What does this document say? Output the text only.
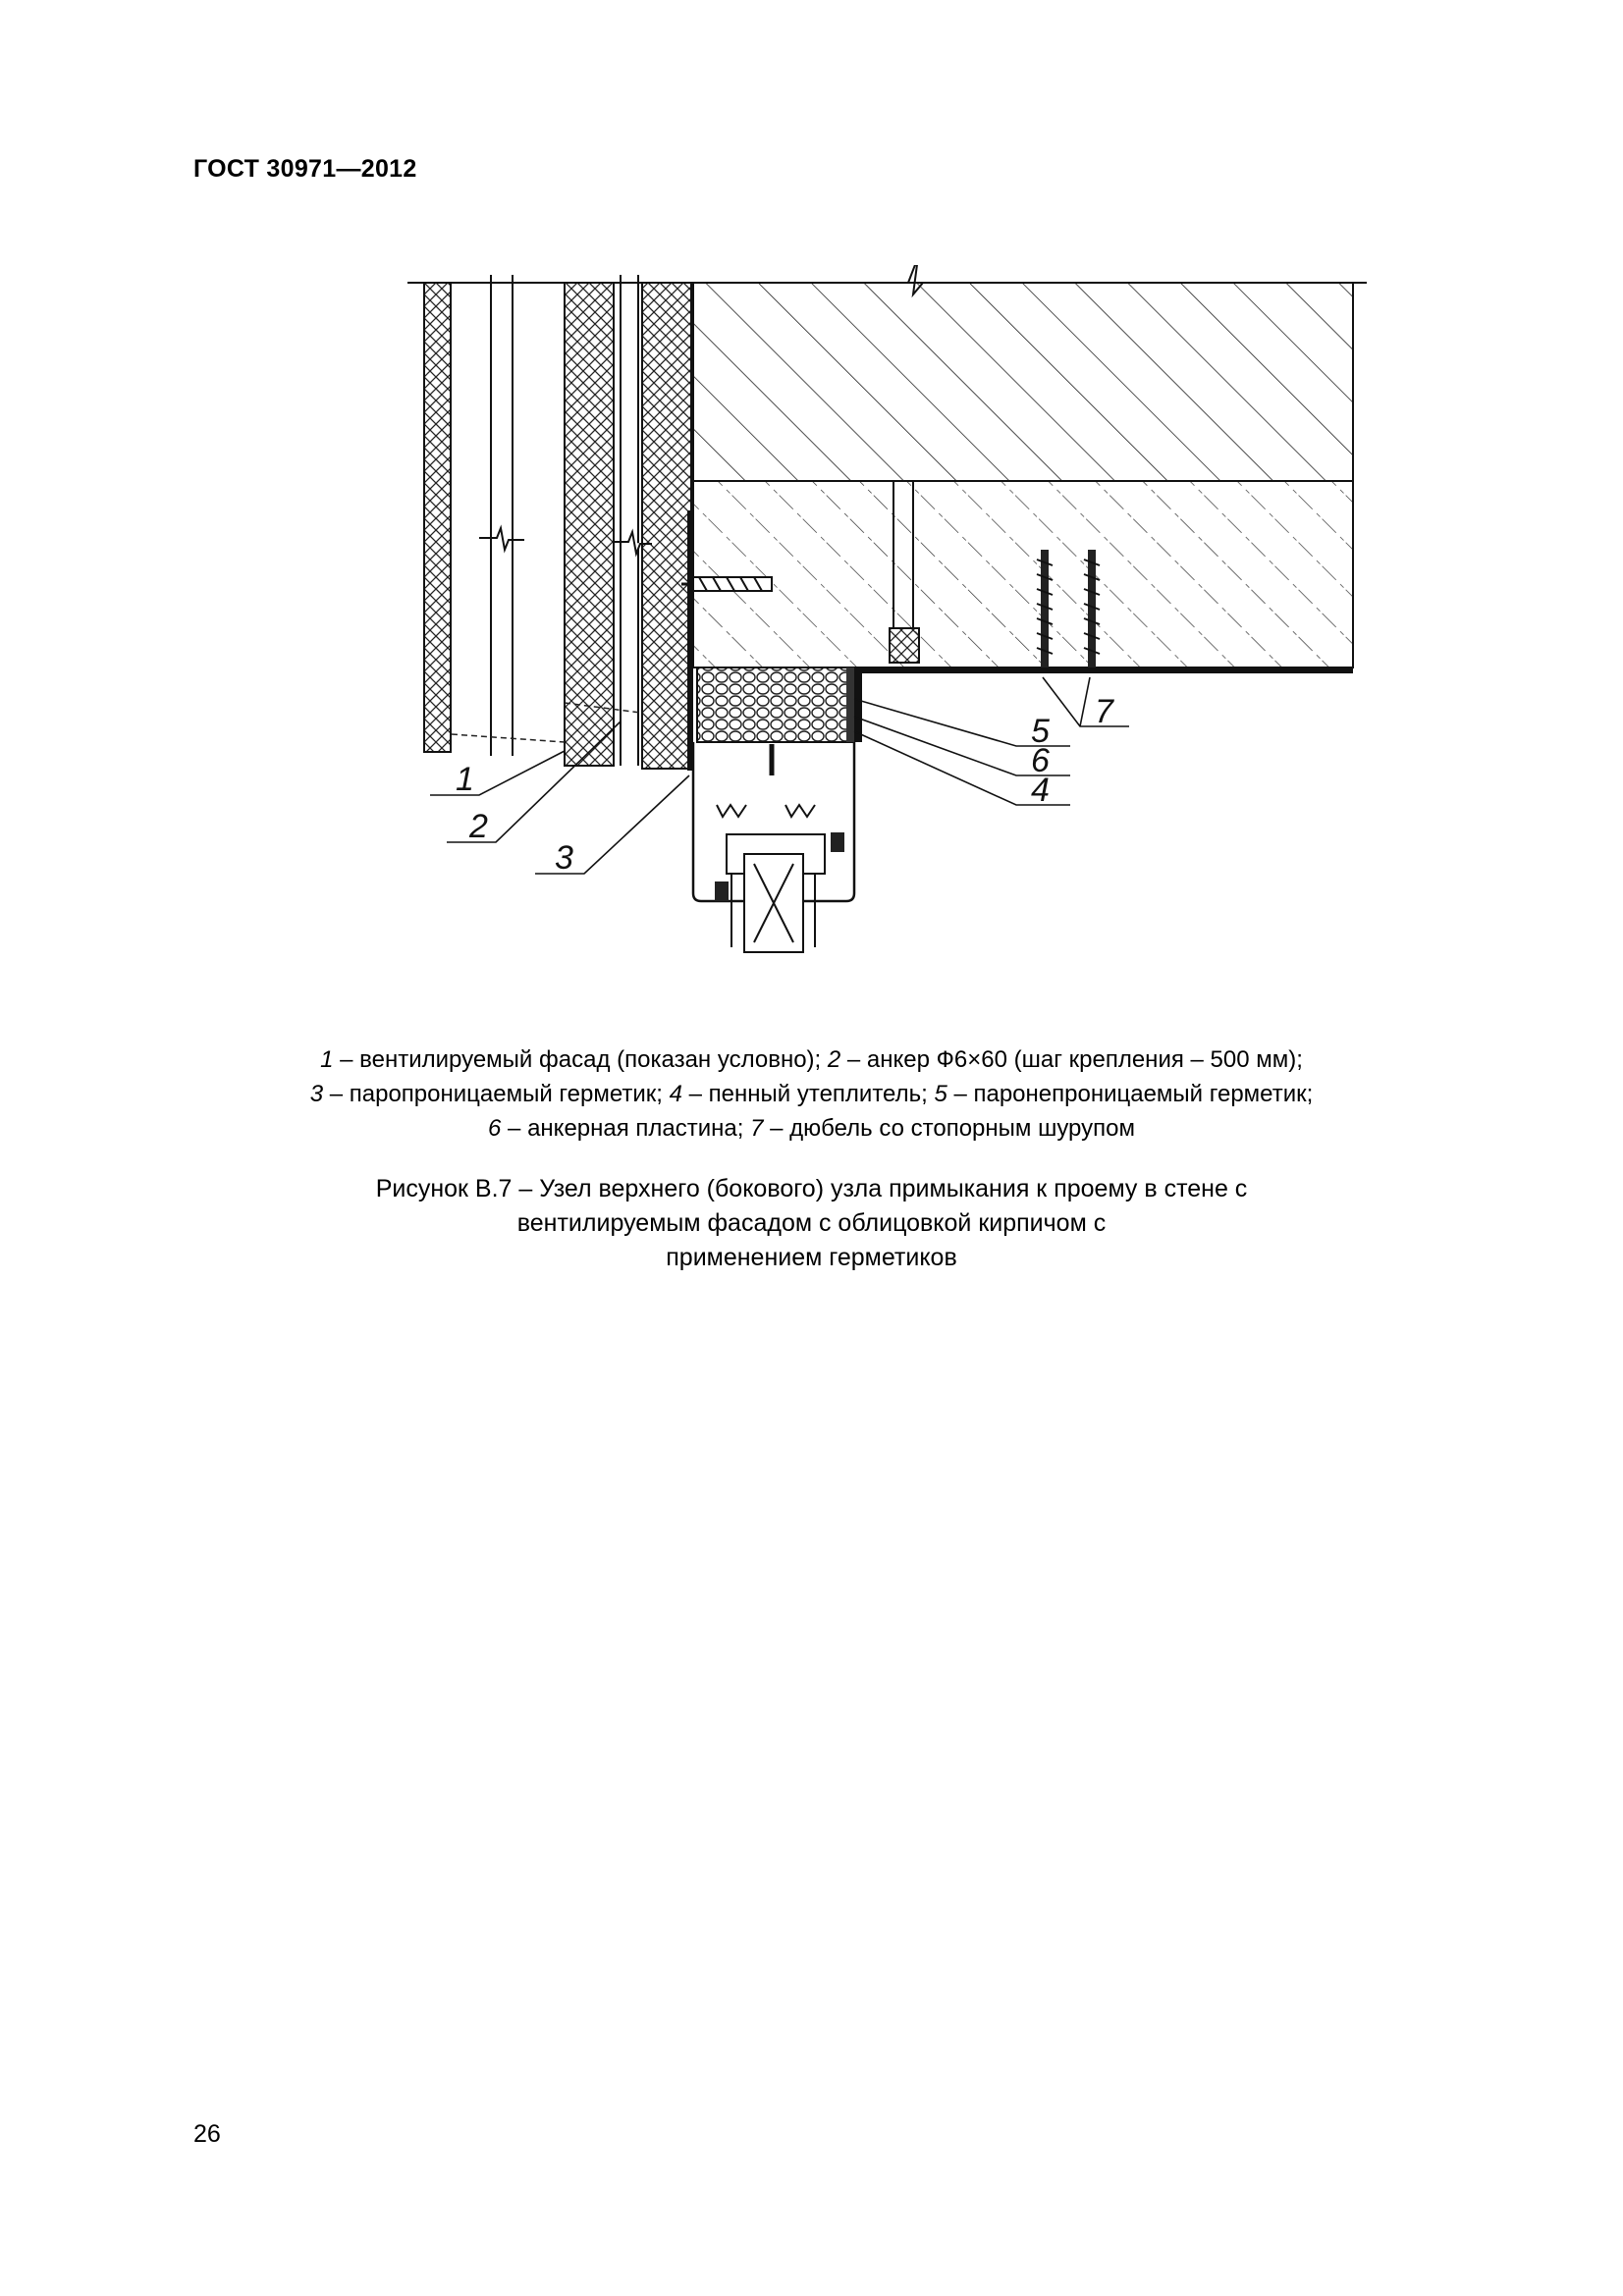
ГОСТ 30971—2012
1
2
3
5
6
4
7
1 – вентилируемый фасад (показан условно); 2 – анкер Ф6×60 (шаг крепления – 500 мм);
3 – паропроницаемый герметик; 4 – пенный утеплитель; 5 – паронепроницаемый герметик;
6 – анкерная пластина; 7 – дюбель со стопорным шурупом
Рисунок В.7 – Узел верхнего (бокового) узла примыкания к проему в стене с
вентилируемым фасадом с облицовкой кирпичом с
применением герметиков
26
